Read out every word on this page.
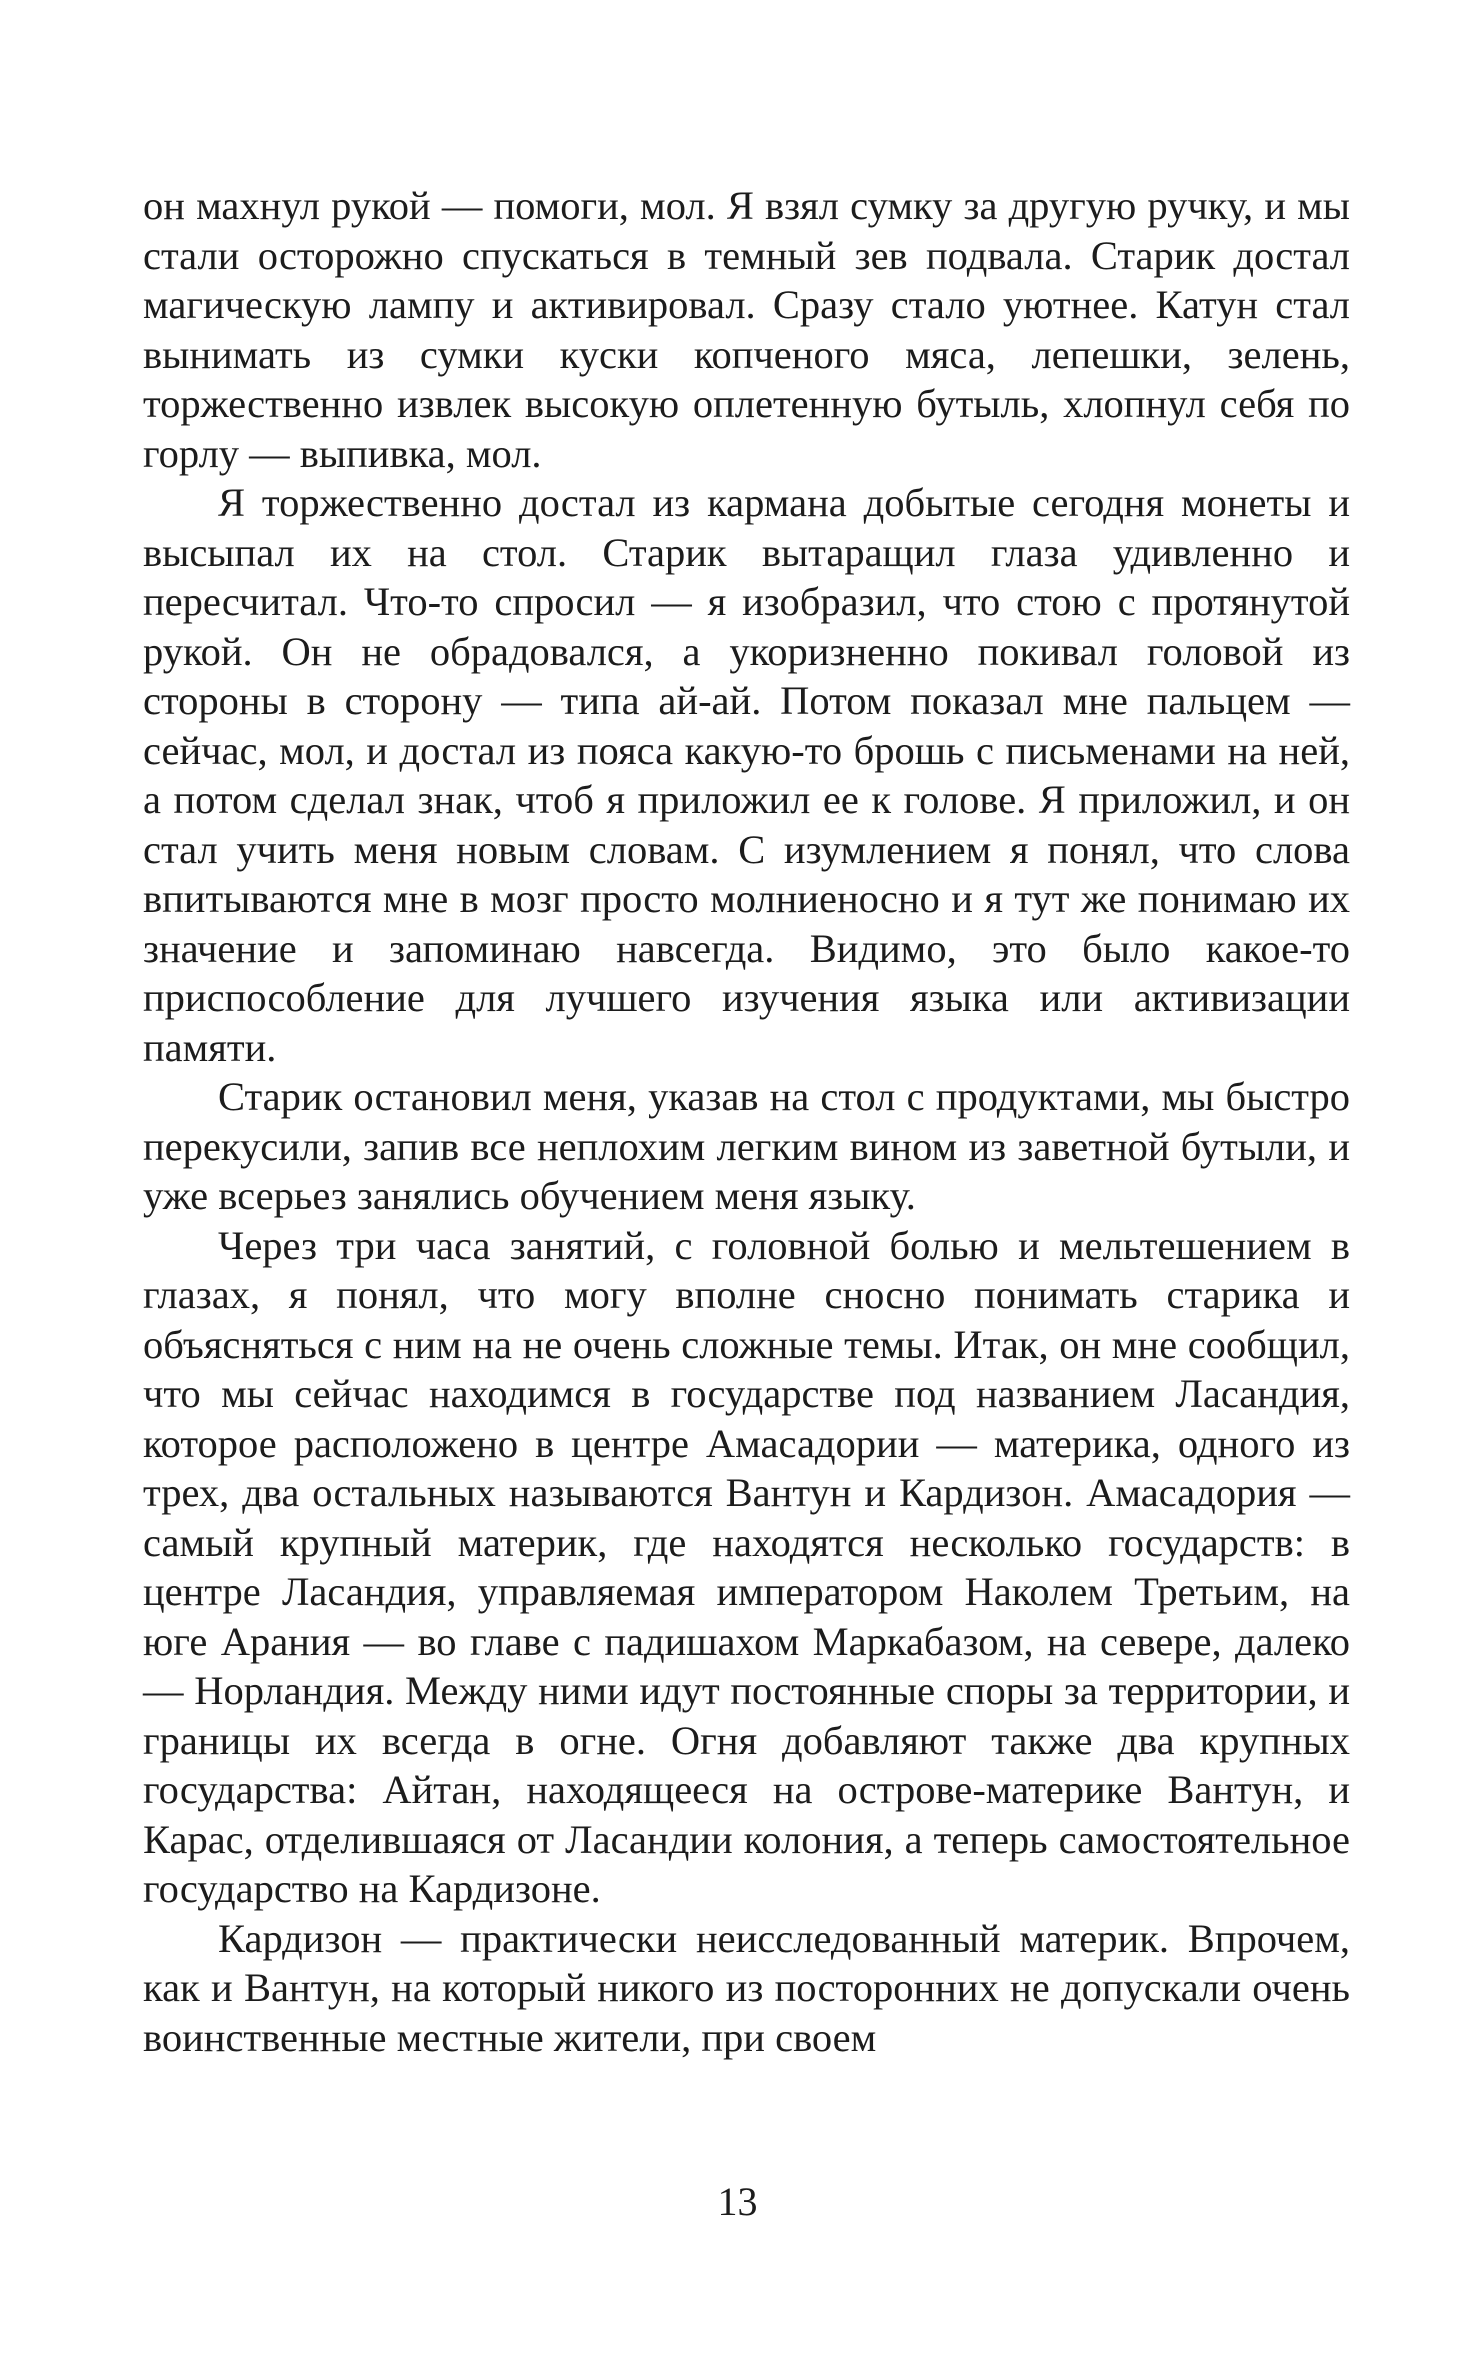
он махнул рукой — помоги, мол. Я взял сумку за другую ручку, и мы стали осторожно спускаться в темный зев подвала. Старик достал магическую лампу и активировал. Сразу стало уютнее. Катун стал вынимать из сумки куски копченого мяса, лепешки, зелень, торжественно извлек высокую оплетенную бутыль, хлопнул себя по горлу — выпивка, мол.

Я торжественно достал из кармана добытые сегодня монеты и высыпал их на стол. Старик вытаращил глаза удивленно и пересчитал. Что-то спросил — я изобразил, что стою с протянутой рукой. Он не обрадовался, а укоризненно покивал головой из стороны в сторону — типа ай-ай. Потом показал мне пальцем — сейчас, мол, и достал из пояса какую-то брошь с письменами на ней, а потом сделал знак, чтоб я приложил ее к голове. Я приложил, и он стал учить меня новым словам. С изумлением я понял, что слова впитываются мне в мозг просто молниеносно и я тут же понимаю их значение и запоминаю навсегда. Видимо, это было какое-то приспособление для лучшего изучения языка или активизации памяти.

Старик остановил меня, указав на стол с продуктами, мы быстро перекусили, запив все неплохим легким вином из заветной бутыли, и уже всерьез занялись обучением меня языку.

Через три часа занятий, с головной болью и мельтешением в глазах, я понял, что могу вполне сносно понимать старика и объясняться с ним на не очень сложные темы. Итак, он мне сообщил, что мы сейчас находимся в государстве под названием Ласандия, которое расположено в центре Амасадории — материка, одного из трех, два остальных называются Вантун и Кардизон. Амасадория — самый крупный материк, где находятся несколько государств: в центре Ласандия, управляемая императором Наколем Третьим, на юге Арания — во главе с падишахом Маркабазом, на севере, далеко — Норландия. Между ними идут постоянные споры за территории, и границы их всегда в огне. Огня добавляют также два крупных государства: Айтан, находящееся на острове-материке Вантун, и Карас, отделившаяся от Ласандии колония, а теперь самостоятельное государство на Кардизоне.

Кардизон — практически неисследованный материк. Впрочем, как и Вантун, на который никого из посторонних не допускали очень воинственные местные жители, при своем

13
